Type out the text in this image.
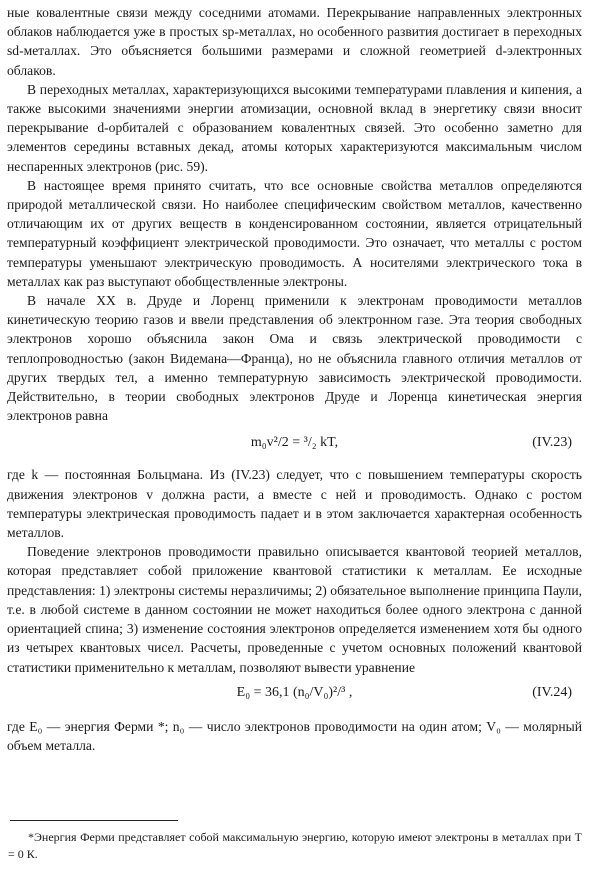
ные ковалентные связи между соседними атомами. Перекрывание направленных электронных облаков наблюдается уже в простых sp-металлах, но особенного развития достигает в переходных sd-металлах. Это объясняется большими размерами и сложной геометрией d-электронных облаков.

В переходных металлах, характеризующихся высокими температурами плавления и кипения, а также высокими значениями энергии атомизации, основной вклад в энергетику связи вносит перекрывание d-орбиталей с образованием ковалентных связей. Это особенно заметно для элементов середины вставных декад, атомы которых характеризуются максимальным числом неспаренных электронов (рис. 59).

В настоящее время принято считать, что все основные свойства металлов определяются природой металлической связи. Но наиболее специфическим свойством металлов, качественно отличающим их от других веществ в конденсированном состоянии, является отрицательный температурный коэффициент электрической проводимости. Это означает, что металлы с ростом температуры уменьшают электрическую проводимость. А носителями электрического тока в металлах как раз выступают обобществленные электроны.

В начале XX в. Друде и Лоренц применили к электронам проводимости металлов кинетическую теорию газов и ввели представления об электронном газе. Эта теория свободных электронов хорошо объяснила закон Ома и связь электрической проводимости с теплопроводностью (закон Видемана—Франца), но не объяснила главного отличия металлов от других твердых тел, а именно температурную зависимость электрической проводимости. Действительно, в теории свободных электронов Друде и Лоренца кинетическая энергия электронов равна

m₀v²/2 = ³/₂ kT,	(IV.23)

где k — постоянная Больцмана. Из (IV.23) следует, что с повышением температуры скорость движения электронов v должна расти, а вместе с ней и проводимость. Однако с ростом температуры электрическая проводимость падает и в этом заключается характерная особенность металлов.

Поведение электронов проводимости правильно описывается квантовой теорией металлов, которая представляет собой приложение квантовой статистики к металлам. Ее исходные представления: 1) электроны системы неразличимы; 2) обязательное выполнение принципа Паули, т.е. в любой системе в данном состоянии не может находиться более одного электрона с данной ориентацией спина; 3) изменение состояния электронов определяется изменением хотя бы одного из четырех квантовых чисел. Расчеты, проведенные с учетом основных положений квантовой статистики применительно к металлам, позволяют вывести уравнение

E₀ = 36,1 (n₀/V₀)²/³ ,	(IV.24)

где E₀ — энергия Ферми *; n₀ — число электронов проводимости на один атом; V₀ — молярный объем металла.

*Энергия Ферми представляет собой максимальную энергию, которую имеют электроны в металлах при T = 0 К.
